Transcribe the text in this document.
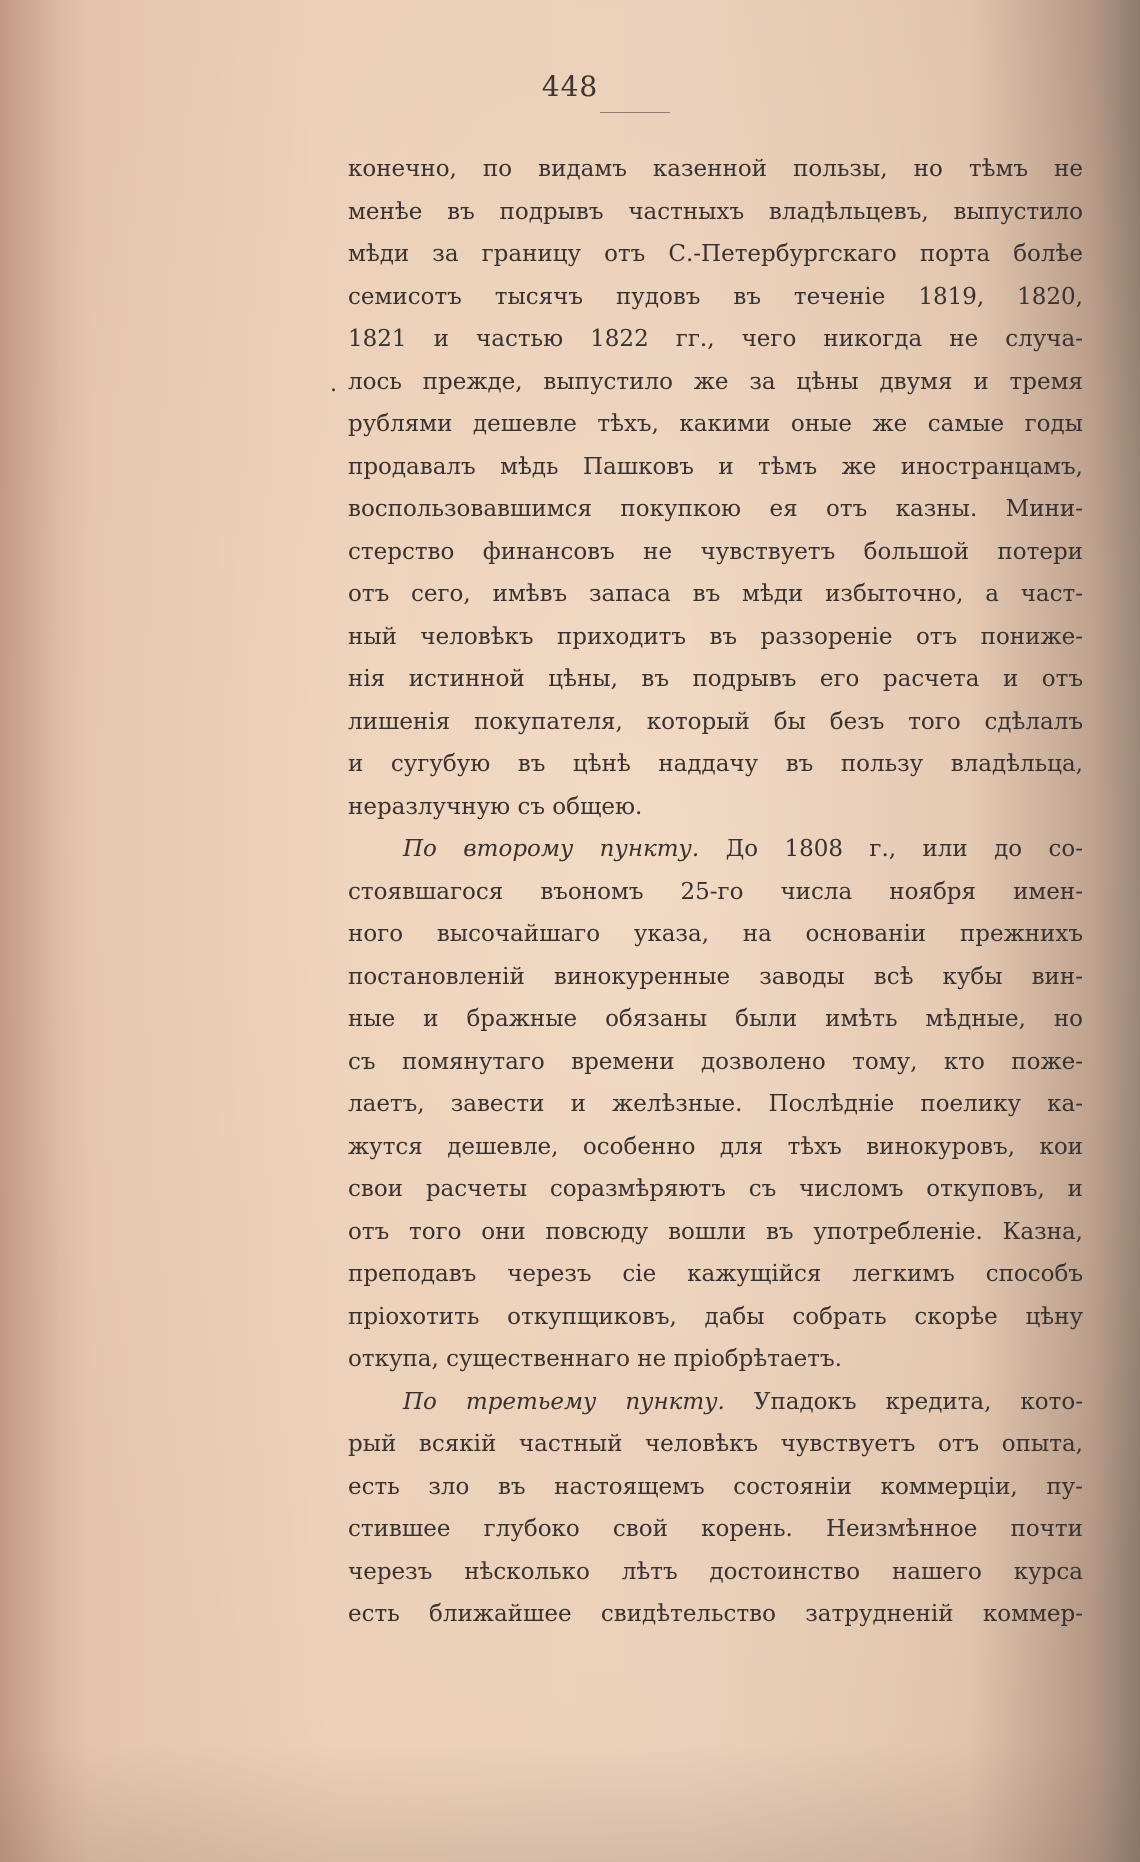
448
.
конечно, по видамъ казенной пользы, но тѣмъ не
менѣе въ подрывъ частныхъ владѣльцевъ, выпустило
мѣди за границу отъ С.-Петербургскаго порта болѣе
семисотъ тысячъ пудовъ въ теченіе 1819, 1820,
1821 и частью 1822 гг., чего никогда не случа-
лось прежде, выпустило же за цѣны двумя и тремя
рублями дешевле тѣхъ, какими оные же самые годы
продавалъ мѣдь Пашковъ и тѣмъ же иностранцамъ,
воспользовавшимся покупкою ея отъ казны. Мини-
стерство финансовъ не чувствуетъ большой потери
отъ сего, имѣвъ запаса въ мѣди избыточно, а част-
ный человѣкъ приходитъ въ раззореніе отъ пониже-
нія истинной цѣны, въ подрывъ его расчета и отъ
лишенія покупателя, который бы безъ того сдѣлалъ
и сугубую въ цѣнѣ наддачу въ пользу владѣльца,
неразлучную съ общею.
По второму пункту. До 1808 г., или до со-
стоявшагося въономъ 25-го числа ноября имен-
ного высочайшаго указа, на основаніи прежнихъ
постановленій винокуренные заводы всѣ кубы вин-
ные и бражные обязаны были имѣть мѣдные, но
съ помянутаго времени дозволено тому, кто поже-
лаетъ, завести и желѣзные. Послѣдніе поелику ка-
жутся дешевле, особенно для тѣхъ винокуровъ, кои
свои расчеты соразмѣряютъ съ числомъ откуповъ, и
отъ того они повсюду вошли въ употребленіе. Казна,
преподавъ черезъ сіе кажущійся легкимъ способъ
пріохотить откупщиковъ, дабы собрать скорѣе цѣну
откупа, существеннаго не пріобрѣтаетъ.
По третьему пункту. Упадокъ кредита, кото-
рый всякій частный человѣкъ чувствуетъ отъ опыта,
есть зло въ настоящемъ состояніи коммерціи, пу-
стившее глубоко свой корень. Неизмѣнное почти
черезъ нѣсколько лѣтъ достоинство нашего курса
есть ближайшее свидѣтельство затрудненій коммер-
